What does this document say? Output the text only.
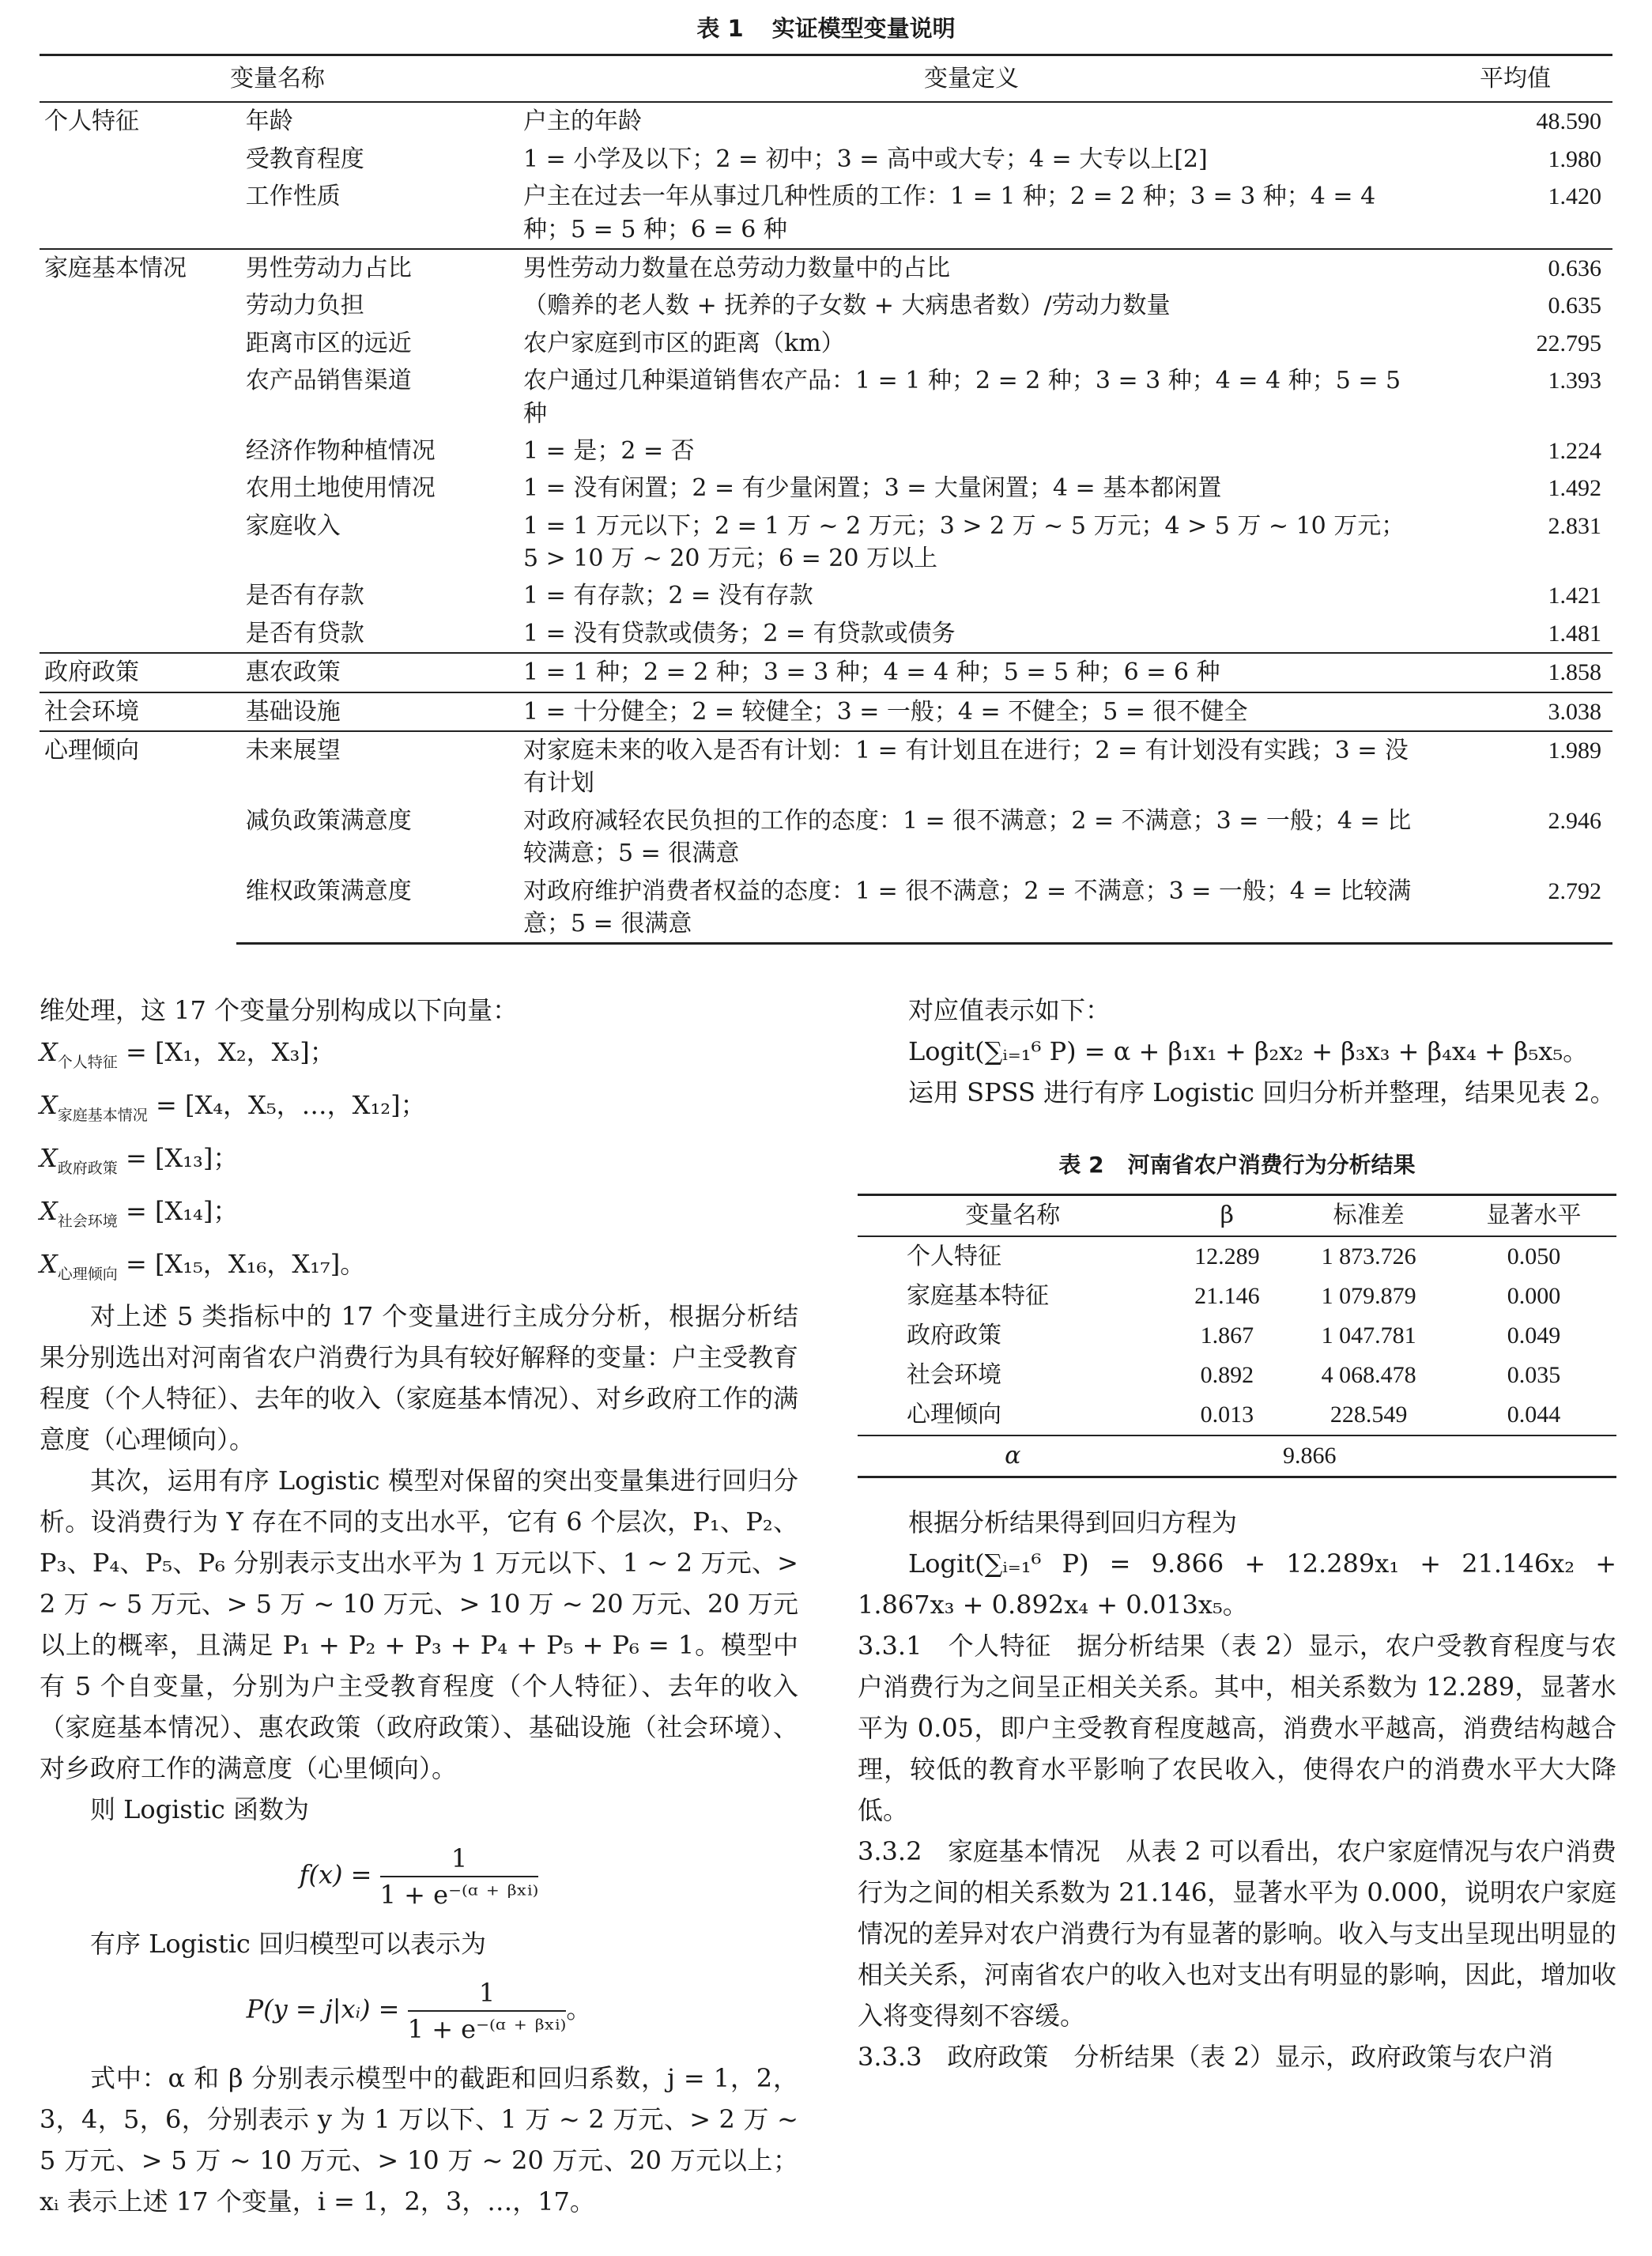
表 1 实证模型变量说明
变量名称		变量定义	平均值
个人特征	年龄	户主的年龄	48.590
	受教育程度	1 = 小学及以下；2 = 初中；3 = 高中或大专；4 = 大专以上[2]	1.980
	工作性质	户主在过去一年从事过几种性质的工作：1 = 1 种；2 = 2 种；3 = 3 种；4 = 4 种；5 = 5 种；6 = 6 种	1.420
家庭基本情况	男性劳动力占比	男性劳动力数量在总劳动力数量中的占比	0.636
	劳动力负担	（赡养的老人数 + 抚养的子女数 + 大病患者数）/劳动力数量	0.635
	距离市区的远近	农户家庭到市区的距离（km）	22.795
	农产品销售渠道	农户通过几种渠道销售农产品：1 = 1 种；2 = 2 种；3 = 3 种；4 = 4 种；5 = 5 种	1.393
	经济作物种植情况	1 = 是；2 = 否	1.224
	农用土地使用情况	1 = 没有闲置；2 = 有少量闲置；3 = 大量闲置；4 = 基本都闲置	1.492
	家庭收入	1 = 1 万元以下；2 = 1 万 ~ 2 万元；3 > 2 万 ~ 5 万元；4 > 5 万 ~ 10 万元；5 > 10 万 ~ 20 万元；6 = 20 万以上	2.831
	是否有存款	1 = 有存款；2 = 没有存款	1.421
	是否有贷款	1 = 没有贷款或债务；2 = 有贷款或债务	1.481
政府政策	惠农政策	1 = 1 种；2 = 2 种；3 = 3 种；4 = 4 种；5 = 5 种；6 = 6 种	1.858
社会环境	基础设施	1 = 十分健全；2 = 较健全；3 = 一般；4 = 不健全；5 = 很不健全	3.038
心理倾向	未来展望	对家庭未来的收入是否有计划：1 = 有计划且在进行；2 = 有计划没有实践；3 = 没有计划	1.989
	减负政策满意度	对政府减轻农民负担的工作的态度：1 = 很不满意；2 = 不满意；3 = 一般；4 = 比较满意；5 = 很满意	2.946
	维权政策满意度	对政府维护消费者权益的态度：1 = 很不满意；2 = 不满意；3 = 一般；4 = 比较满意；5 = 很满意	2.792

维处理，这 17 个变量分别构成以下向量：

$X_{个人特征} = [X_1$，X₂，X₃]；

$X_{家庭基本情况} = [X_4$，X₅，…，X₁₂]；

$X_{政府政策} = [X_{13}]$；

$X_{社会环境} = [X_{14}]$；

$X_{心理倾向} = [X_{15}$，X₁₆，X₁₇]。

对上述 5 类指标中的 17 个变量进行主成分分析，根据分析结果分别选出对河南省农户消费行为具有较好解释的变量：户主受教育程度（个人特征）、去年的收入（家庭基本情况）、对乡政府工作的满意度（心理倾向）。

其次，运用有序 Logistic 模型对保留的突出变量集进行回归分析。设消费行为 Y 存在不同的支出水平，它有 6 个层次，P₁、P₂、P₃、P₄、P₅、P₆ 分别表示支出水平为 1 万元以下、1 ~ 2 万元、> 2 万 ~ 5 万元、> 5 万 ~ 10 万元、> 10 万 ~ 20 万元、20 万元以上的概率，且满足 P₁ + P₂ + P₃ + P₄ + P₅ + P₆ = 1。模型中有 5 个自变量，分别为户主受教育程度（个人特征）、去年的收入（家庭基本情况）、惠农政策（政府政策）、基础设施（社会环境）、对乡政府工作的满意度（心里倾向）。

则 Logistic 函数为

$f(x) = \frac{1}{\text{1 + e⁻⁽ᵅ ⁺ ᵝˣⁱ⁾}}$

有序 Logistic 回归模型可以表示为

P(y = j|xᵢ) = $\frac{1}{\text{1 + e⁻⁽ᵅ ⁺ ᵝˣⁱ⁾}}$ 。

式中：α 和 β 分别表示模型中的截距和回归系数，j = 1，2，3，4，5，6，分别表示 y 为 1 万以下、1 万 ~ 2 万元、> 2 万 ~ 5 万元、> 5 万 ~ 10 万元、> 10 万 ~ 20 万元、20 万元以上；xᵢ 表示上述 17 个变量，i = 1，2，3，…，17。

对应值表示如下：

Logit(∑ᵢ₌₁⁶ P) = α + β₁x₁ + β₂x₂ + β₃x₃ + β₄x₄ + β₅x₅。

运用 SPSS 进行有序 Logistic 回归分析并整理，结果见表 2。

表 2 河南省农户消费行为分析结果
变量名称	β	标准差	显著水平
个人特征	12.289	1 873.726	0.050
家庭基本特征	21.146	1 079.879	0.000
政府政策	1.867	1 047.781	0.049
社会环境	0.892	4 068.478	0.035
心理倾向	0.013	228.549	0.044
α	9.866		

根据分析结果得到回归方程为

Logit(∑ᵢ₌₁⁶ P) = 9.866 + 12.289x₁ + 21.146x₂ + 1.867x₃ + 0.892x₄ + 0.013x₅。

3.3.1　个人特征　据分析结果（表 2）显示，农户受教育程度与农户消费行为之间呈正相关关系。其中，相关系数为 12.289，显著水平为 0.05，即户主受教育程度越高，消费水平越高，消费结构越合理，较低的教育水平影响了农民收入，使得农户的消费水平大大降低。

3.3.2　家庭基本情况　从表 2 可以看出，农户家庭情况与农户消费行为之间的相关系数为 21.146，显著水平为 0.000，说明农户家庭情况的差异对农户消费行为有显著的影响。收入与支出呈现出明显的相关关系，河南省农户的收入也对支出有明显的影响，因此，增加收入将变得刻不容缓。

3.3.3　政府政策　分析结果（表 2）显示，政府政策与农户消
